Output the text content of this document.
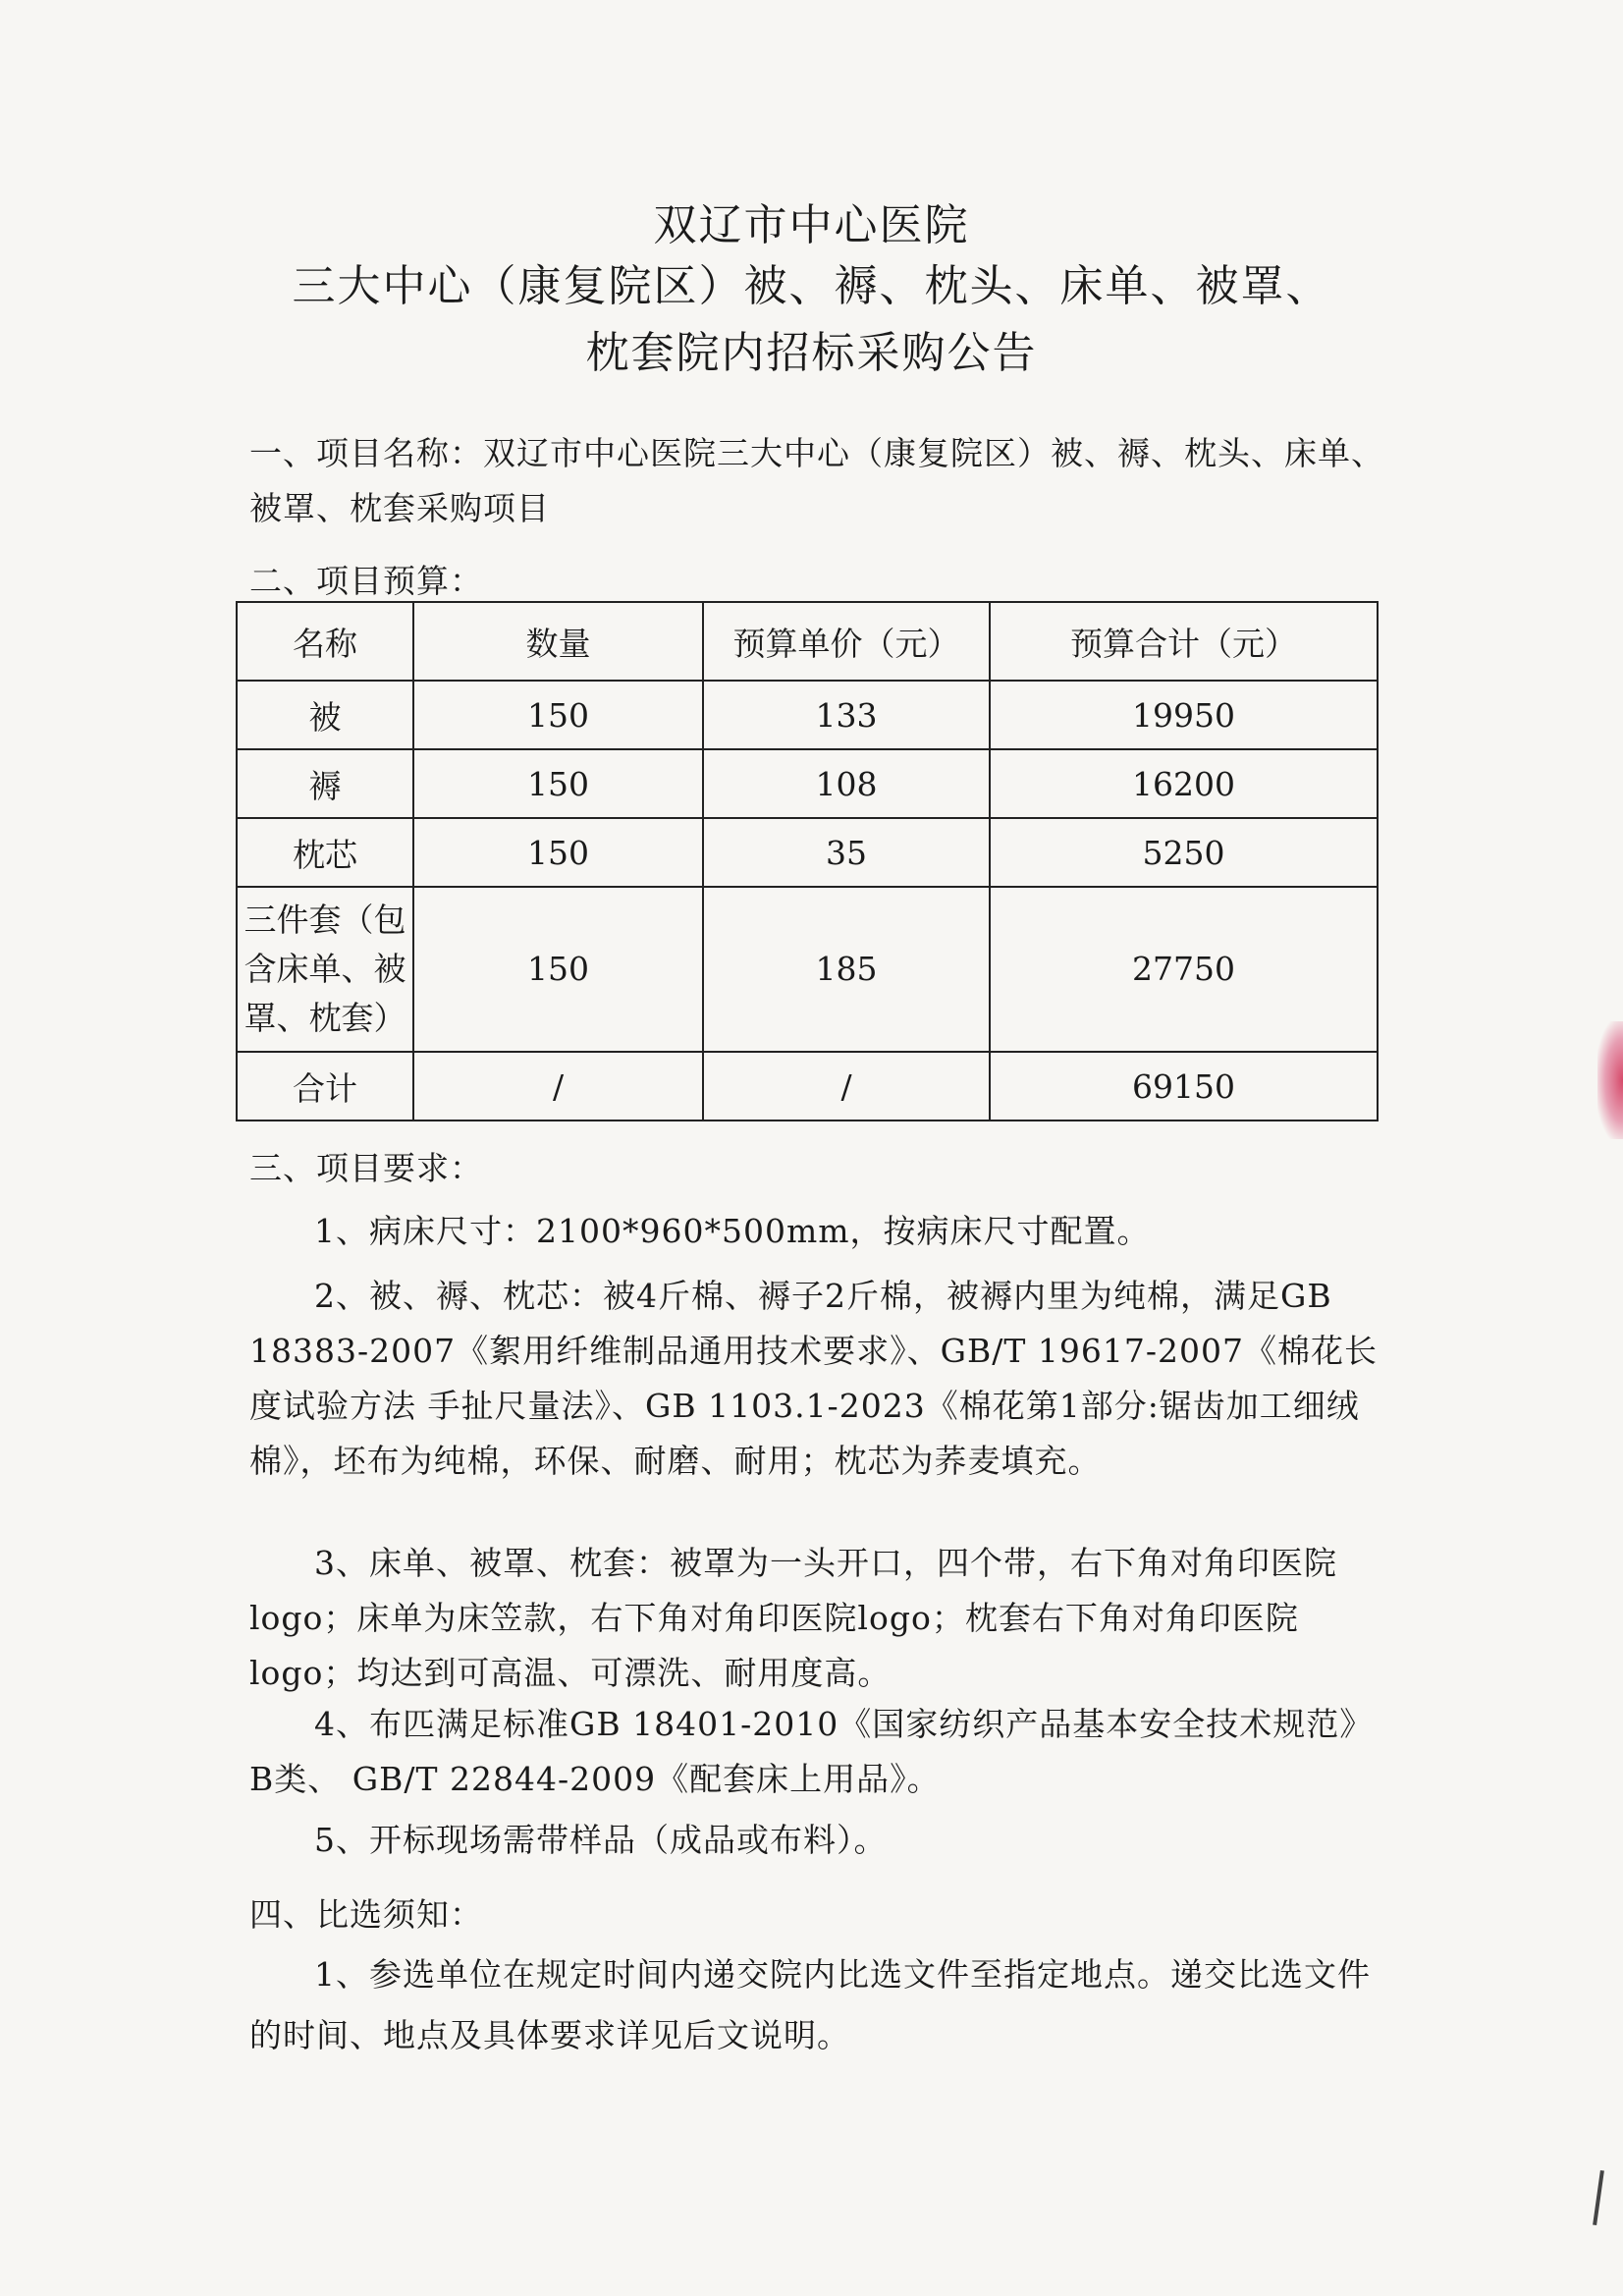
双辽市中心医院
三大中心（康复院区）被、褥、枕头、床单、被罩、
枕套院内招标采购公告
一、项目名称：双辽市中心医院三大中心（康复院区）被、褥、枕头、床单、被罩、枕套采购项目
二、项目预算：
名称	数量	预算单价（元）	预算合计（元）
被	150	133	19950
褥	150	108	16200
枕芯	150	35	5250
三件套（包含床单、被罩、枕套）	150	185	27750
合计	/	/	69150
三、项目要求：
1、病床尺寸：2100*960*500mm，按病床尺寸配置。
2、被、褥、枕芯：被4斤棉、褥子2斤棉，被褥内里为纯棉，满足GB 18383-2007《絮用纤维制品通用技术要求》、GB/T 19617-2007《棉花长度试验方法 手扯尺量法》、GB 1103.1-2023《棉花第1部分:锯齿加工细绒棉》，坯布为纯棉，环保、耐磨、耐用；枕芯为荞麦填充。
3、床单、被罩、枕套：被罩为一头开口，四个带，右下角对角印医院logo；床单为床笠款，右下角对角印医院logo；枕套右下角对角印医院logo；均达到可高温、可漂洗、耐用度高。
4、布匹满足标准GB 18401-2010《国家纺织产品基本安全技术规范》B类、 GB/T 22844-2009《配套床上用品》。
5、开标现场需带样品（成品或布料）。
四、比选须知：
1、参选单位在规定时间内递交院内比选文件至指定地点。递交比选文件的时间、地点及具体要求详见后文说明。
